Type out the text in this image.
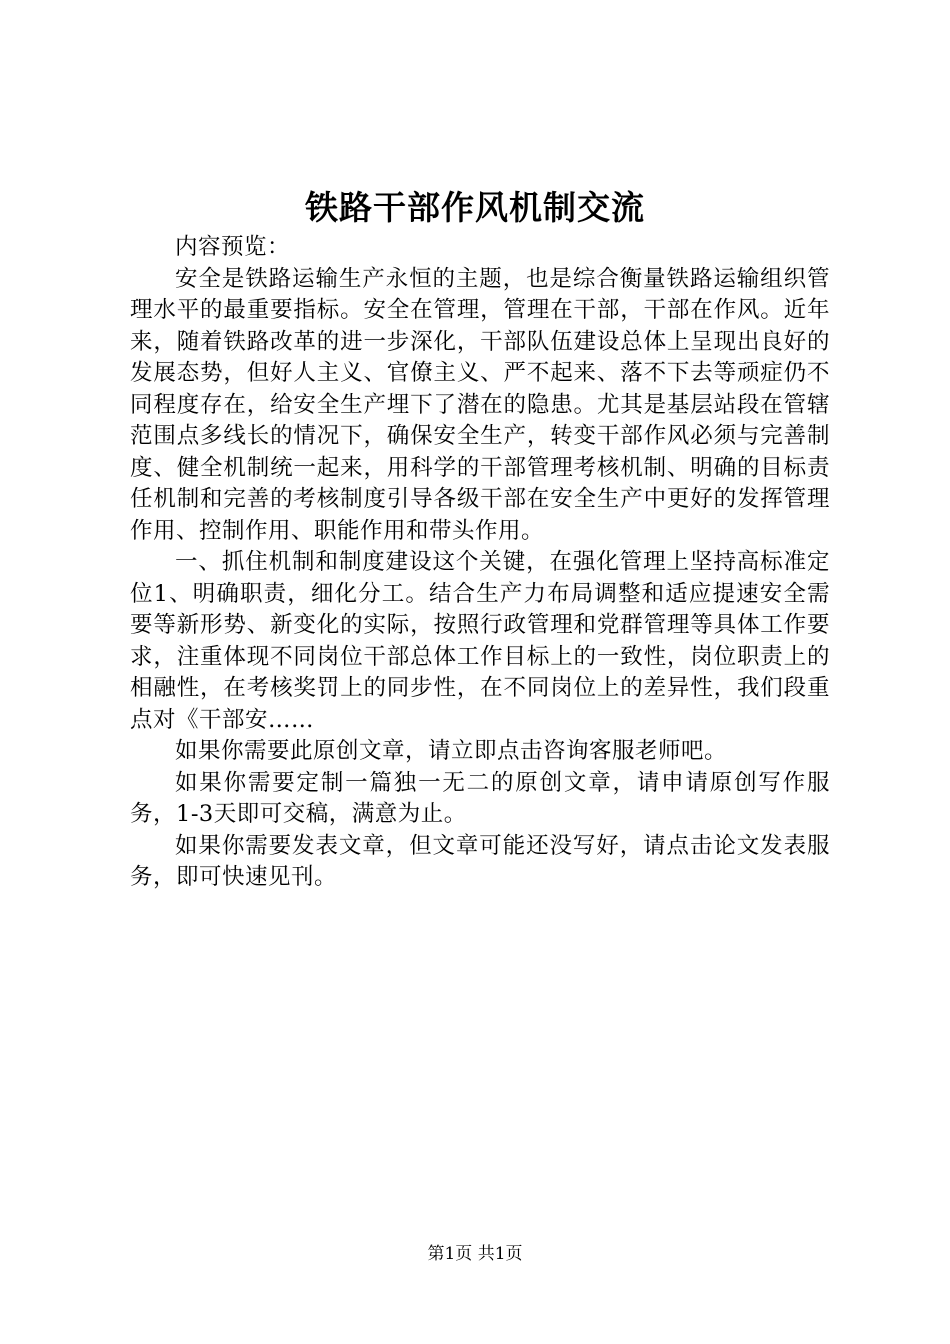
铁路干部作风机制交流

内容预览：

安全是铁路运输生产永恒的主题，也是综合衡量铁路运输组织管理水平的最重要指标。安全在管理，管理在干部，干部在作风。近年来，随着铁路改革的进一步深化，干部队伍建设总体上呈现出良好的发展态势，但好人主义、官僚主义、严不起来、落不下去等顽症仍不同程度存在，给安全生产埋下了潜在的隐患。尤其是基层站段在管辖范围点多线长的情况下，确保安全生产，转变干部作风必须与完善制度、健全机制统一起来，用科学的干部管理考核机制、明确的目标责任机制和完善的考核制度引导各级干部在安全生产中更好的发挥管理作用、控制作用、职能作用和带头作用。

一、抓住机制和制度建设这个关键，在强化管理上坚持高标准定位1、明确职责，细化分工。结合生产力布局调整和适应提速安全需要等新形势、新变化的实际，按照行政管理和党群管理等具体工作要求，注重体现不同岗位干部总体工作目标上的一致性，岗位职责上的相融性，在考核奖罚上的同步性，在不同岗位上的差异性，我们段重点对《干部安……

如果你需要此原创文章，请立即点击咨询客服老师吧。

如果你需要定制一篇独一无二的原创文章，请申请原创写作服务，1-3天即可交稿，满意为止。

如果你需要发表文章，但文章可能还没写好，请点击论文发表服务，即可快速见刊。

第1页 共1页
